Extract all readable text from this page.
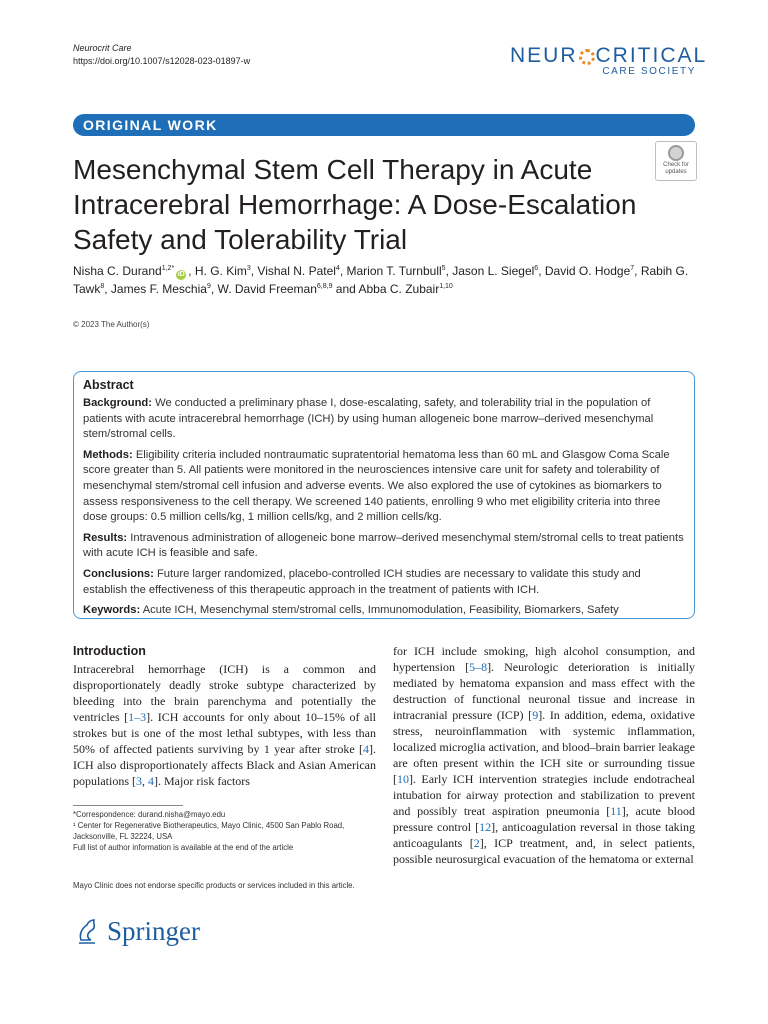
Neurocrit Care
https://doi.org/10.1007/s12028-023-01897-w	NEUR CRITICAL
CARE SOCIETY
ORIGINAL WORK
Mesenchymal Stem Cell Therapy in Acute Intracerebral Hemorrhage: A Dose-Escalation Safety and Tolerability Trial
Check for
updates
Nisha C. Durand$^{1,2*}$iD , H. G. Kim$^3$, Vishal N. Patel$^4$, Marion T. Turnbull$^5$, Jason L. Siegel$^6$, David O. Hodge$^7$, Rabih G. Tawk$^8$, James F. Meschia$^9$, W. David Freeman$^{6,8,9}$ and Abba C. Zubair$^{1,10}$
© 2023 The Author(s)
Abstract

Background: We conducted a preliminary phase I, dose-escalating, safety, and tolerability trial in the population of patients with acute intracerebral hemorrhage (ICH) by using human allogeneic bone marrow–derived mesenchymal stem/stromal cells.

Methods: Eligibility criteria included nontraumatic supratentorial hematoma less than 60 mL and Glasgow Coma Scale score greater than 5. All patients were monitored in the neurosciences intensive care unit for safety and tolerability of mesenchymal stem/stromal cell infusion and adverse events. We also explored the use of cytokines as biomarkers to assess responsiveness to the cell therapy. We screened 140 patients, enrolling 9 who met eligibility criteria into three dose groups: 0.5 million cells/kg, 1 million cells/kg, and 2 million cells/kg.

Results: Intravenous administration of allogeneic bone marrow–derived mesenchymal stem/stromal cells to treat patients with acute ICH is feasible and safe.

Conclusions: Future larger randomized, placebo-controlled ICH studies are necessary to validate this study and establish the effectiveness of this therapeutic approach in the treatment of patients with ICH.

Keywords: Acute ICH, Mesenchymal stem/stromal cells, Immunomodulation, Feasibility, Biomarkers, Safety

Introduction

Intracerebral hemorrhage (ICH) is a common and disproportionately deadly stroke subtype characterized by bleeding into the brain parenchyma and potentially the ventricles [1–3]. ICH accounts for only about 10–15% of all strokes but is one of the most lethal subtypes, with less than 50% of affected patients surviving by 1 year after stroke [4]. ICH also disproportionately affects Black and Asian American populations [3, 4]. Major risk factors

for ICH include smoking, high alcohol consumption, and hypertension [5–8]. Neurologic deterioration is initially mediated by hematoma expansion and mass effect with the destruction of functional neuronal tissue and increase in intracranial pressure (ICP) [9]. In addition, edema, oxidative stress, neuroinflammation with systemic inflammation, localized microglia activation, and blood–brain barrier leakage are often present within the ICH site or surrounding tissue [10]. Early ICH intervention strategies include endotracheal intubation for airway protection and stabilization to prevent and possibly treat aspiration pneumonia [11], acute blood pressure control [12], anticoagulation reversal in those taking anticoagulants [2], ICP treatment, and, in select patients, possible neurosurgical evacuation of the hematoma or external

*Correspondence: durand.nisha@mayo.edu
¹ Center for Regenerative Biotherapeutics, Mayo Clinic, 4500 San Pablo Road, Jacksonville, FL 32224, USA
Full list of author information is available at the end of the article
Mayo Clinic does not endorse specific products or services included in this article.
Springer
